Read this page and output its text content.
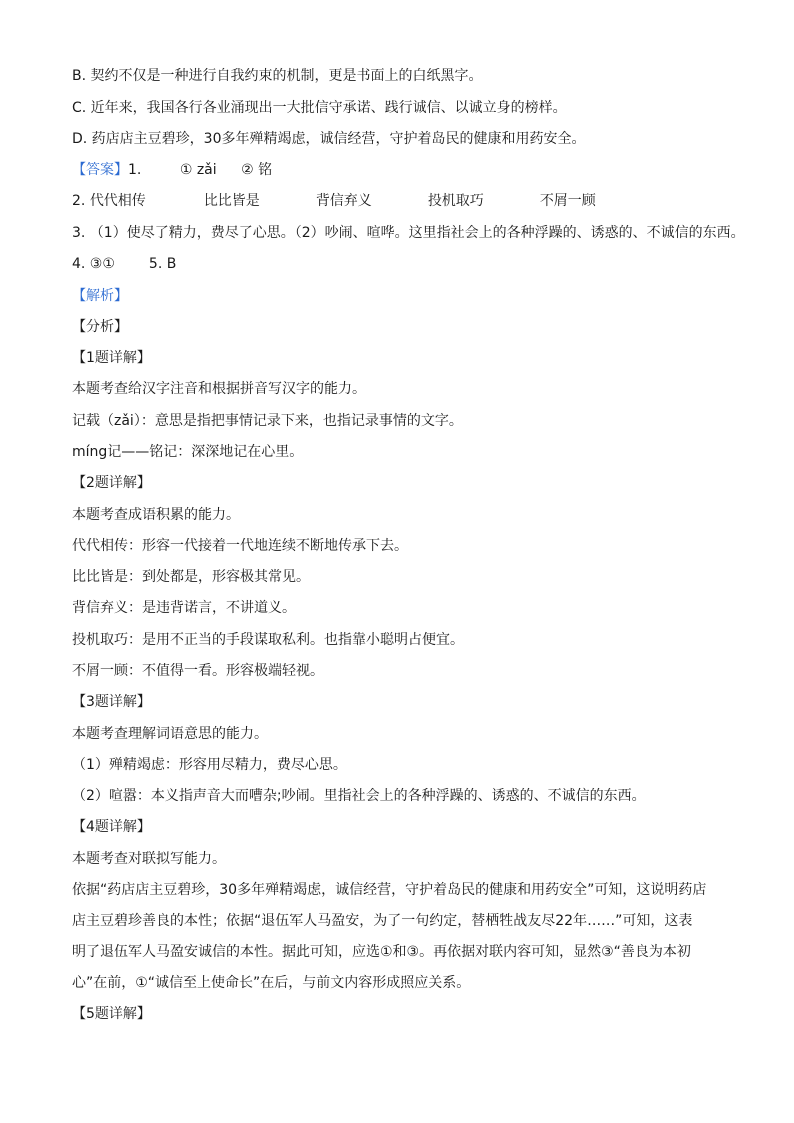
B. 契约不仅是一种进行自我约束的机制，更是书面上的白纸黑字。
C. 近年来，我国各行各业涌现出一大批信守承诺、践行诚信、以诚立身的榜样。
D. 药店店主豆碧珍，30多年殚精竭虑，诚信经营，守护着岛民的健康和用药安全。
【答案】1.	① zǎi ② 铭
2. 代代相传	比比皆是	背信弃义	投机取巧	不屑一顾
3. （1）使尽了精力，费尽了心思。（2）吵闹、喧哗。这里指社会上的各种浮躁的、诱惑的、不诚信的东西。
4. ③① 5. B
【解析】
【分析】
【1题详解】
本题考查给汉字注音和根据拼音写汉字的能力。
记载（zǎi）：意思是指把事情记录下来，也指记录事情的文字。
míng记——铭记：深深地记在心里。
【2题详解】
本题考查成语积累的能力。
代代相传：形容一代接着一代地连续不断地传承下去。
比比皆是：到处都是，形容极其常见。
背信弃义：是违背诺言，不讲道义。
投机取巧：是用不正当的手段谋取私利。也指靠小聪明占便宜。
不屑一顾：不值得一看。形容极端轻视。
【3题详解】
本题考查理解词语意思的能力。
（1）殚精竭虑：形容用尽精力，费尽心思。
（2）喧嚣：本义指声音大而嘈杂;吵闹。里指社会上的各种浮躁的、诱惑的、不诚信的东西。
【4题详解】
本题考查对联拟写能力。
依据“药店店主豆碧珍，30多年殚精竭虑，诚信经营，守护着岛民的健康和用药安全”可知，这说明药店
店主豆碧珍善良的本性；依据“退伍军人马盈安，为了一句约定，替栖牲战友尽22年……”可知，这表
明了退伍军人马盈安诚信的本性。据此可知，应选①和③。再依据对联内容可知，显然③“善良为本初
心”在前，①“诚信至上使命长”在后，与前文内容形成照应关系。
【5题详解】
